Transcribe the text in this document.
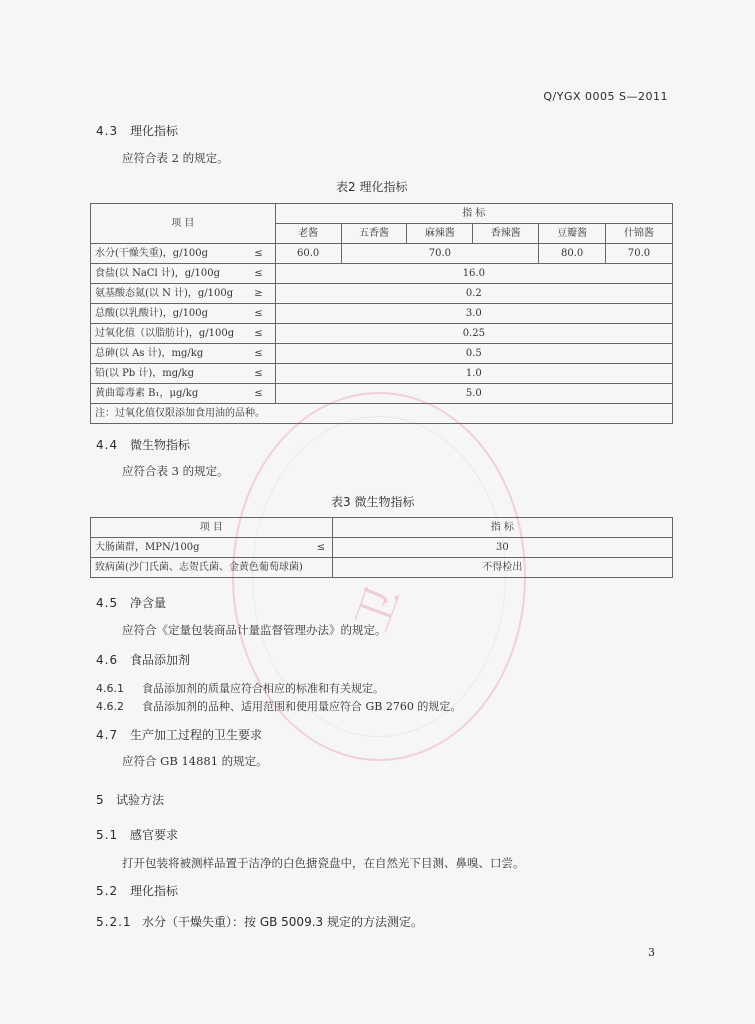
卫
Q/YGX 0005 S—2011
4.3 理化指标
应符合表 2 的规定。
表2 理化指标
项 目		指 标					
		老酱	五香酱	麻辣酱	香辣酱	豆瓣酱	什锦酱
水分(干燥失重)，g/100g	≤	60.0	70.0			80.0	70.0
食盐(以 NaCl 计)，g/100g	≤	16.0					
氨基酸态氮(以 N 计)，g/100g	≥	0.2					
总酸(以乳酸计)，g/100g	≤	3.0					
过氧化值（以脂肪计)，g/100g	≤	0.25					
总砷(以 As 计)，mg/kg	≤	0.5					
铅(以 Pb 计)，mg/kg	≤	1.0					
黄曲霉毒素 B₁，μg/kg	≤	5.0					
注：过氧化值仅限添加食用油的品种。							
4.4 微生物指标
应符合表 3 的规定。
表3 微生物指标
项 目		指 标
大肠菌群，MPN/100g	≤	30
致病菌(沙门氏菌、志贺氏菌、金黄色葡萄球菌)		不得检出
4.5 净含量
应符合《定量包装商品计量监督管理办法》的规定。
4.6 食品添加剂
4.6.1 食品添加剂的质量应符合相应的标准和有关规定。
4.6.2 食品添加剂的品种、适用范围和使用量应符合 GB 2760 的规定。
4.7 生产加工过程的卫生要求
应符合 GB 14881 的规定。
5 试验方法
5.1 感官要求
打开包装将被测样品置于洁净的白色搪瓷盘中，在自然光下目测、鼻嗅、口尝。
5.2 理化指标
5.2.1 水分（干燥失重）：按 GB 5009.3 规定的方法测定。
3
